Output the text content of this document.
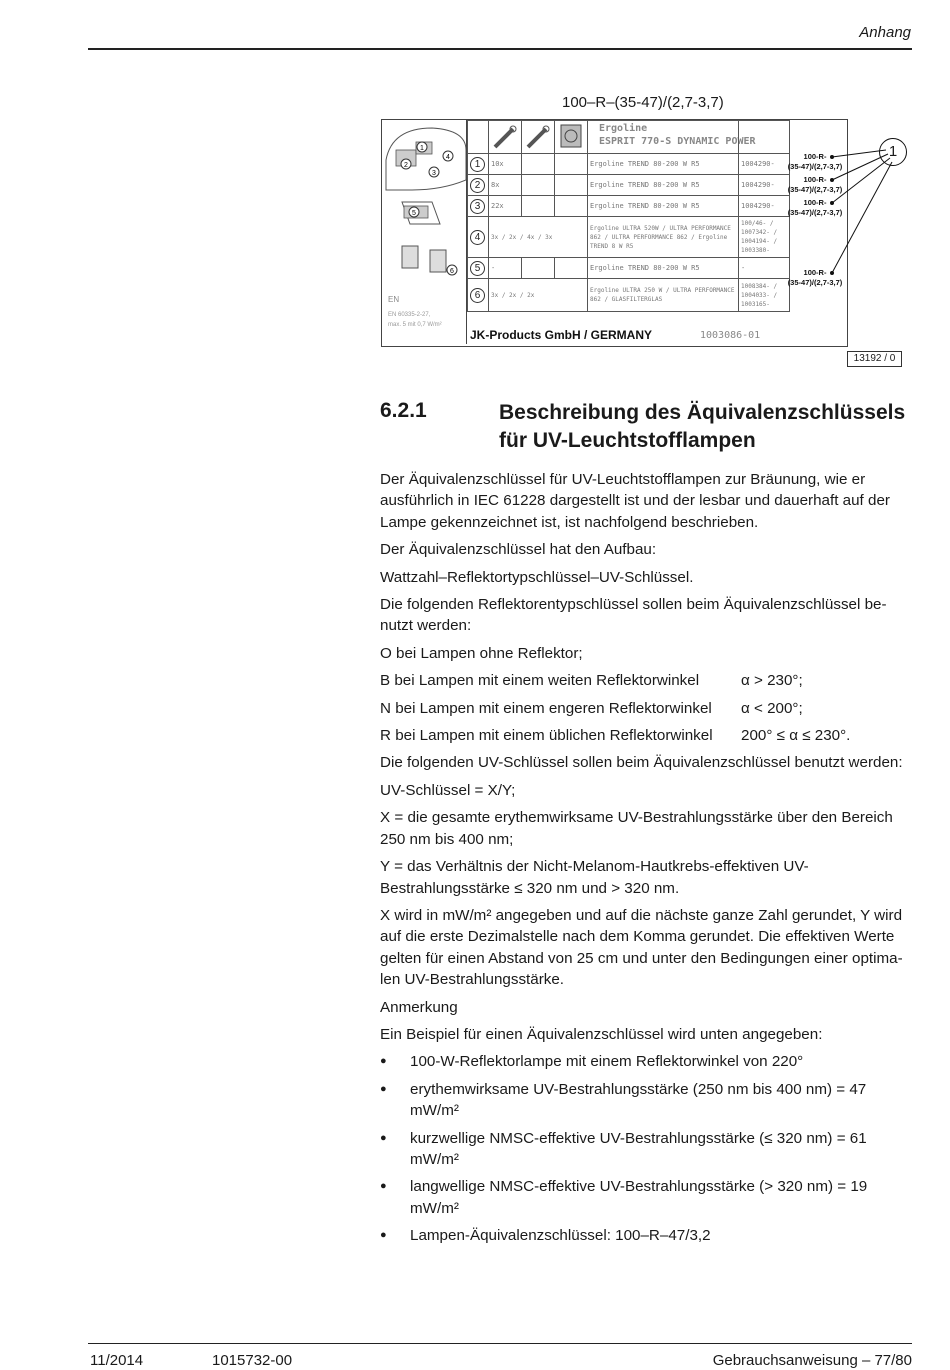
Anhang
100–R–(35-47)/(2,7-3,7)
1
2
3
4
5
6
EN
EN 60335-2-27,
max. 5 mit 0,7 W/m²
Ergoline
ESPRIT 770-S DYNAMIC POWER

1	10x			Ergoline TREND 80-200 W R5	1004290-
2	8x			Ergoline TREND 80-200 W R5	1004290-
3	22x			Ergoline TREND 80-200 W R5	1004290-
4	3x / 2x / 4x / 3x			Ergoline ULTRA 520W / ULTRA PERFORMANCE 862 / ULTRA PERFORMANCE 862 / Ergoline TREND 8 W R5	100/46- / 1007342- / 1004194- / 1003380-
5	-			Ergoline TREND 80-200 W R5	-
6	3x / 2x / 2x			Ergoline ULTRA 250 W / ULTRA PERFORMANCE 862 / GLASFILTERGLAS	1008384- / 1004033- / 1003165-
JK-Products GmbH / GERMANY	1003086-01
100-R-
(35-47)/(2,7-3,7)
100-R-
(35-47)/(2,7-3,7)
100-R-
(35-47)/(2,7-3,7)
100-R-
(35-47)/(2,7-3,7)
1
13192 / 0
6.2.1	Beschreibung des Äquivalenzschlüssels für UV-Leuchtstofflampen

Der Äquivalenzschlüssel für UV-Leuchtstofflampen zur Bräunung, wie er ausführlich in IEC 61228 dargestellt ist und der lesbar und dauerhaft auf der Lampe gekennzeichnet ist, ist nachfolgend beschrieben.

Der Äquivalenzschlüssel hat den Aufbau:

Wattzahl–Reflektortypschlüssel–UV-Schlüssel.

Die folgenden Reflektorentypschlüssel sollen beim Äquivalenzschlüssel be-nutzt werden:

O bei Lampen ohne Reflektor;

B bei Lampen mit einem weiten Reflektorwinkel	α > 230°;
N bei Lampen mit einem engeren Reflektorwinkel	α < 200°;
R bei Lampen mit einem üblichen Reflektorwinkel	200° ≤ α ≤ 230°.

Die folgenden UV-Schlüssel sollen beim Äquivalenzschlüssel benutzt werden:

UV-Schlüssel = X/Y;

X = die gesamte erythemwirksame UV-Bestrahlungsstärke über den Bereich 250 nm bis 400 nm;

Y = das Verhältnis der Nicht-Melanom-Hautkrebs-effektiven UV-Bestrahlungsstärke ≤ 320 nm und > 320 nm.

X wird in mW/m² angegeben und auf die nächste ganze Zahl gerundet, Y wird auf die erste Dezimalstelle nach dem Komma gerundet. Die effektiven Werte gelten für einen Abstand von 25 cm und unter den Bedingungen einer optima-len UV-Bestrahlungsstärke.

Anmerkung

Ein Beispiel für einen Äquivalenzschlüssel wird unten angegeben:

● 100-W-Reflektorlampe mit einem Reflektorwinkel von 220°
● erythemwirksame UV-Bestrahlungsstärke (250 nm bis 400 nm) = 47 mW/m²
● kurzwellige NMSC-effektive UV-Bestrahlungsstärke (≤ 320 nm) = 61 mW/m²
● langwellige NMSC-effektive UV-Bestrahlungsstärke (> 320 nm) = 19 mW/m²
● Lampen-Äquivalenzschlüssel: 100–R–47/3,2
11/2014	1015732-00	Gebrauchsanweisung – 77/80
